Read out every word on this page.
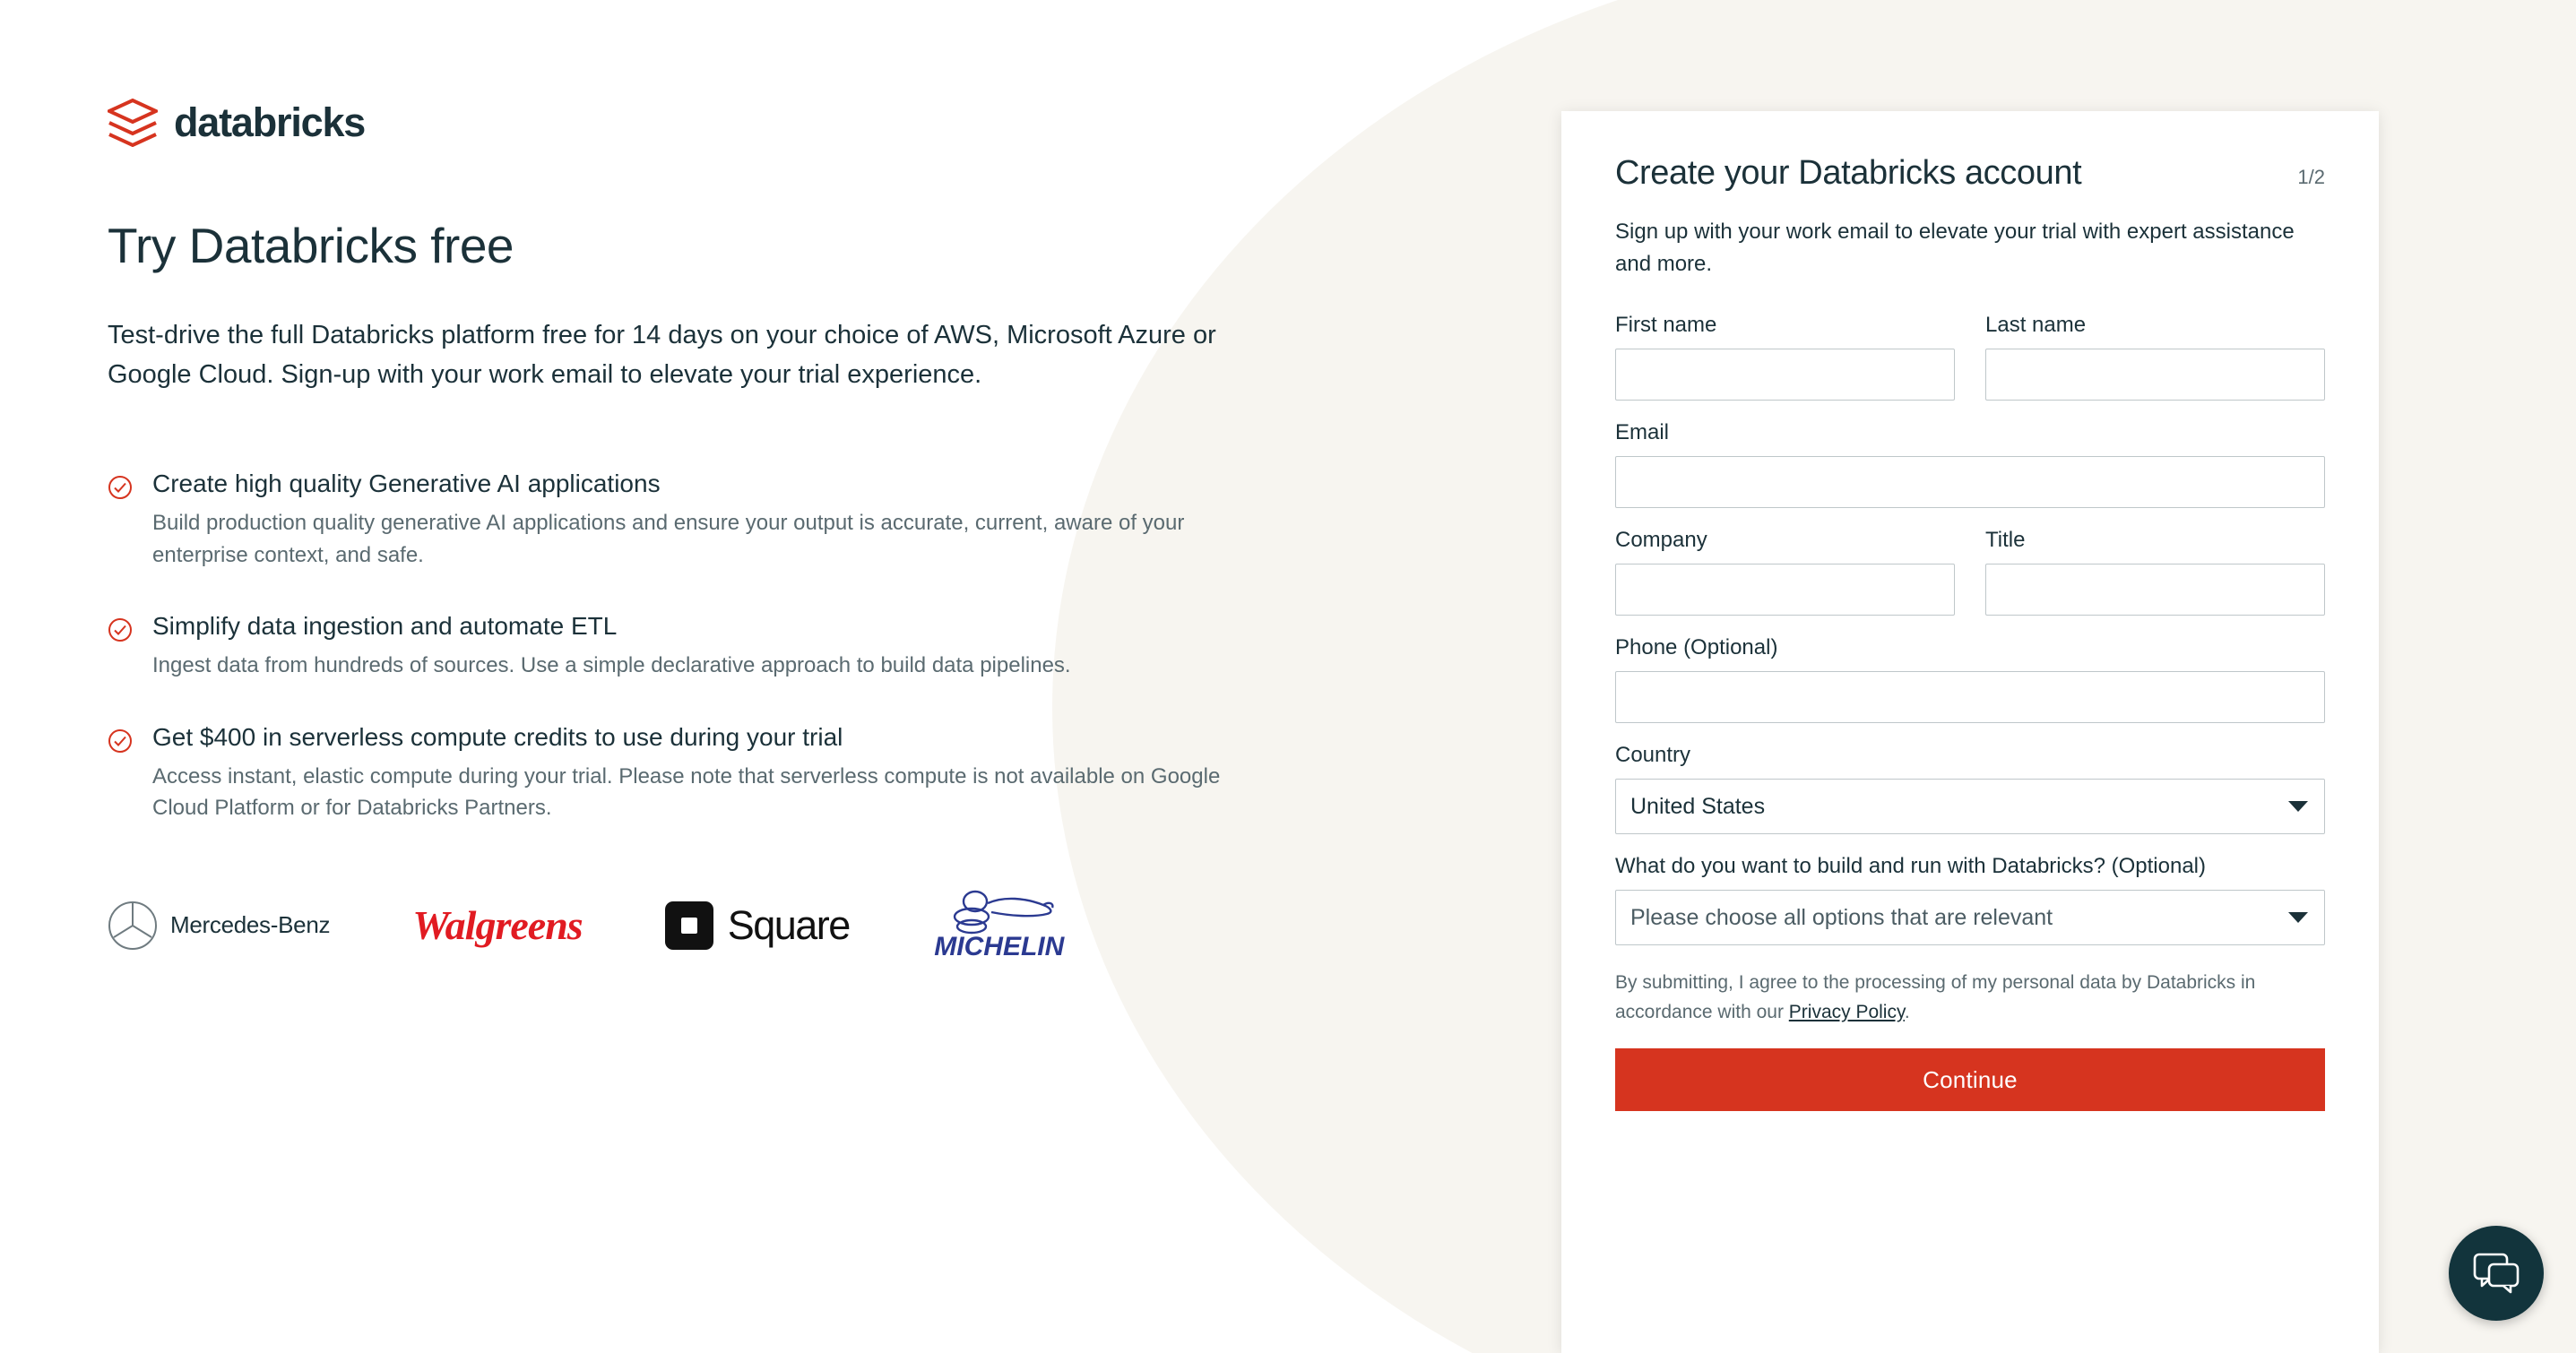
databricks
Try Databricks free

Test-drive the full Databricks platform free for 14 days on your choice of AWS, Microsoft Azure or Google Cloud. Sign-up with your work email to elevate your trial experience.

Create high quality Generative AI applications

Build production quality generative AI applications and ensure your output is accurate, current, aware of your enterprise context, and safe.

Simplify data ingestion and automate ETL

Ingest data from hundreds of sources. Use a simple declarative approach to build data pipelines.

Get $400 in serverless compute credits to use during your trial

Access instant, elastic compute during your trial. Please note that serverless compute is not available on Google Cloud Platform or for Databricks Partners.

Mercedes-Benz Walgreens	Square	MICHELIN
Create your Databricks account	1/2

Sign up with your work email to elevate your trial with expert assistance and more.

First name	Last name
Email
Company	Title
Phone (Optional)
Country
United States
What do you want to build and run with Databricks? (Optional)
Please choose all options that are relevant

By submitting, I agree to the processing of my personal data by Databricks in accordance with our Privacy Policy.

Continue
